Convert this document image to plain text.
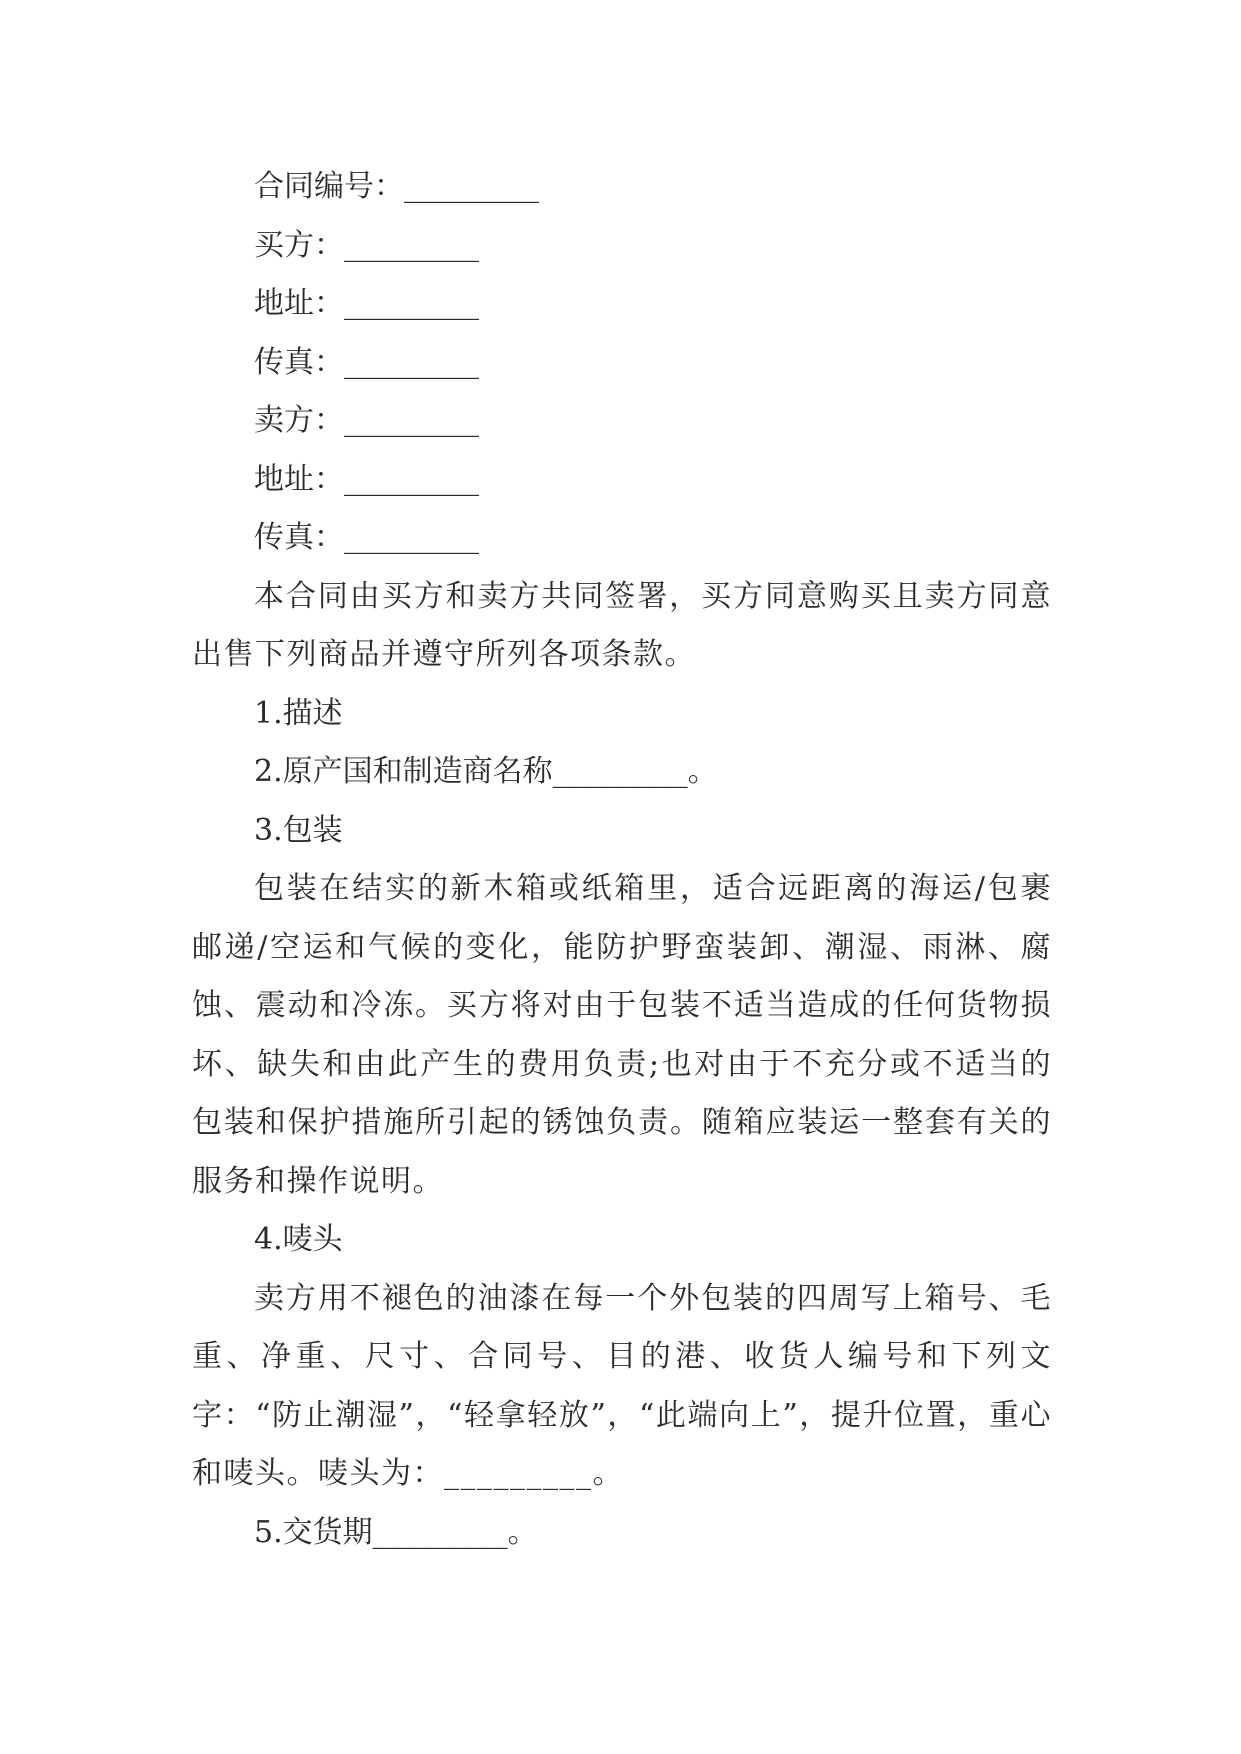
合同编号：_________

买方：_________

地址：_________

传真：_________

卖方：_________

地址：_________

传真：_________

本合同由买方和卖方共同签署，买方同意购买且卖方同意出售下列商品并遵守所列各项条款。

1.描述

2.原产国和制造商名称_________。

3.包装

包装在结实的新木箱或纸箱里，适合远距离的海运/包裹邮递/空运和气候的变化，能防护野蛮装卸、潮湿、雨淋、腐蚀、震动和冷冻。买方将对由于包装不适当造成的任何货物损坏、缺失和由此产生的费用负责;也对由于不充分或不适当的包装和保护措施所引起的锈蚀负责。随箱应装运一整套有关的服务和操作说明。

4.唛头

卖方用不褪色的油漆在每一个外包装的四周写上箱号、毛重、净重、尺寸、合同号、目的港、收货人编号和下列文字：“防止潮湿”，“轻拿轻放”，“此端向上”，提升位置，重心和唛头。唛头为：_________。

5.交货期_________。
